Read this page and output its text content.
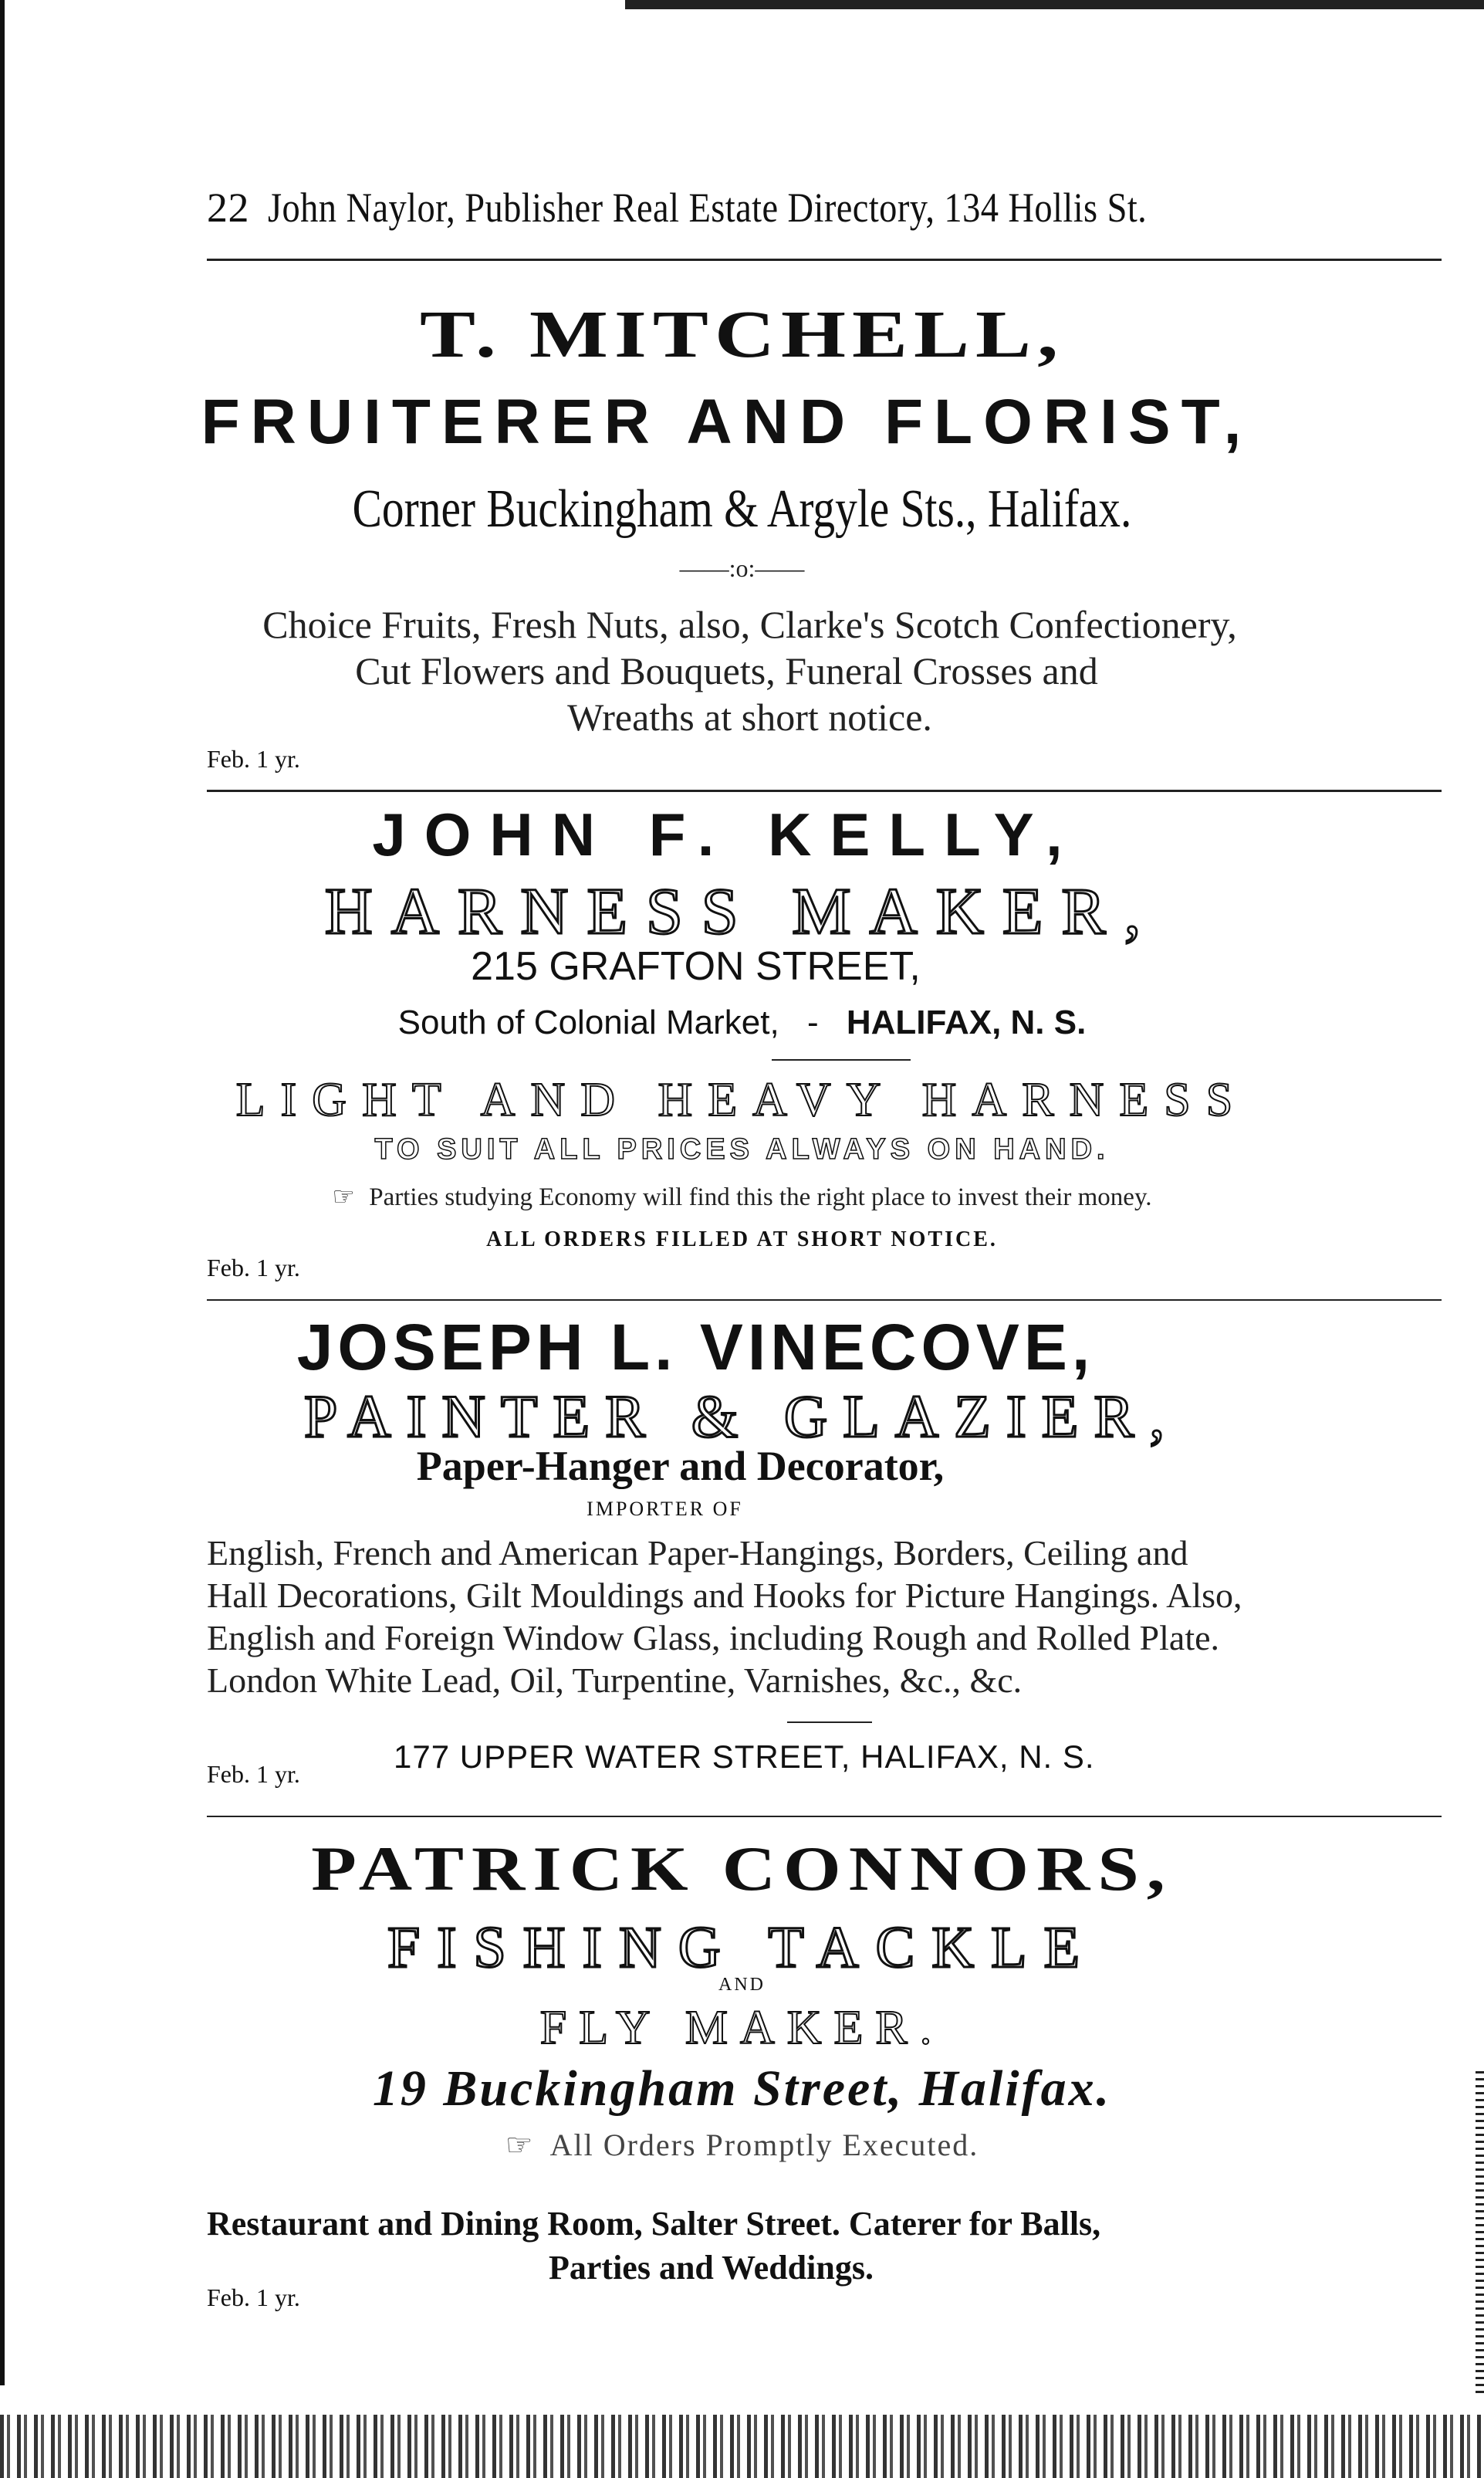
22 John Naylor, Publisher Real Estate Directory, 134 Hollis St.
T. MITCHELL,
FRUITERER AND FLORIST,
Corner Buckingham & Argyle Sts., Halifax.
——:o:——
Choice Fruits, Fresh Nuts, also, Clarke's Scotch Confectionery,
Cut Flowers and Bouquets, Funeral Crosses and
Wreaths at short notice.
Feb. 1 yr.
JOHN F. KELLY,
HARNESS MAKER,
215 GRAFTON STREET,
South of Colonial Market, - HALIFAX, N. S.
LIGHT AND HEAVY HARNESS
TO SUIT ALL PRICES ALWAYS ON HAND.
☞ Parties studying Economy will find this the right place to invest their money.
ALL ORDERS FILLED AT SHORT NOTICE.
Feb. 1 yr.
JOSEPH L. VINECOVE,
PAINTER & GLAZIER,
Paper-Hanger and Decorator,
IMPORTER OF
English, French and American Paper-Hangings, Borders, Ceiling and
Hall Decorations, Gilt Mouldings and Hooks for Picture Hangings. Also,
English and Foreign Window Glass, including Rough and Rolled Plate.
London White Lead, Oil, Turpentine, Varnishes, &c., &c.
177 UPPER WATER STREET, HALIFAX, N. S.
Feb. 1 yr.
PATRICK CONNORS,
FISHING TACKLE
AND
FLY MAKER.
19 Buckingham Street, Halifax.
☞ All Orders Promptly Executed.
Restaurant and Dining Room, Salter Street. Caterer for Balls,
Parties and Weddings.
Feb. 1 yr.
